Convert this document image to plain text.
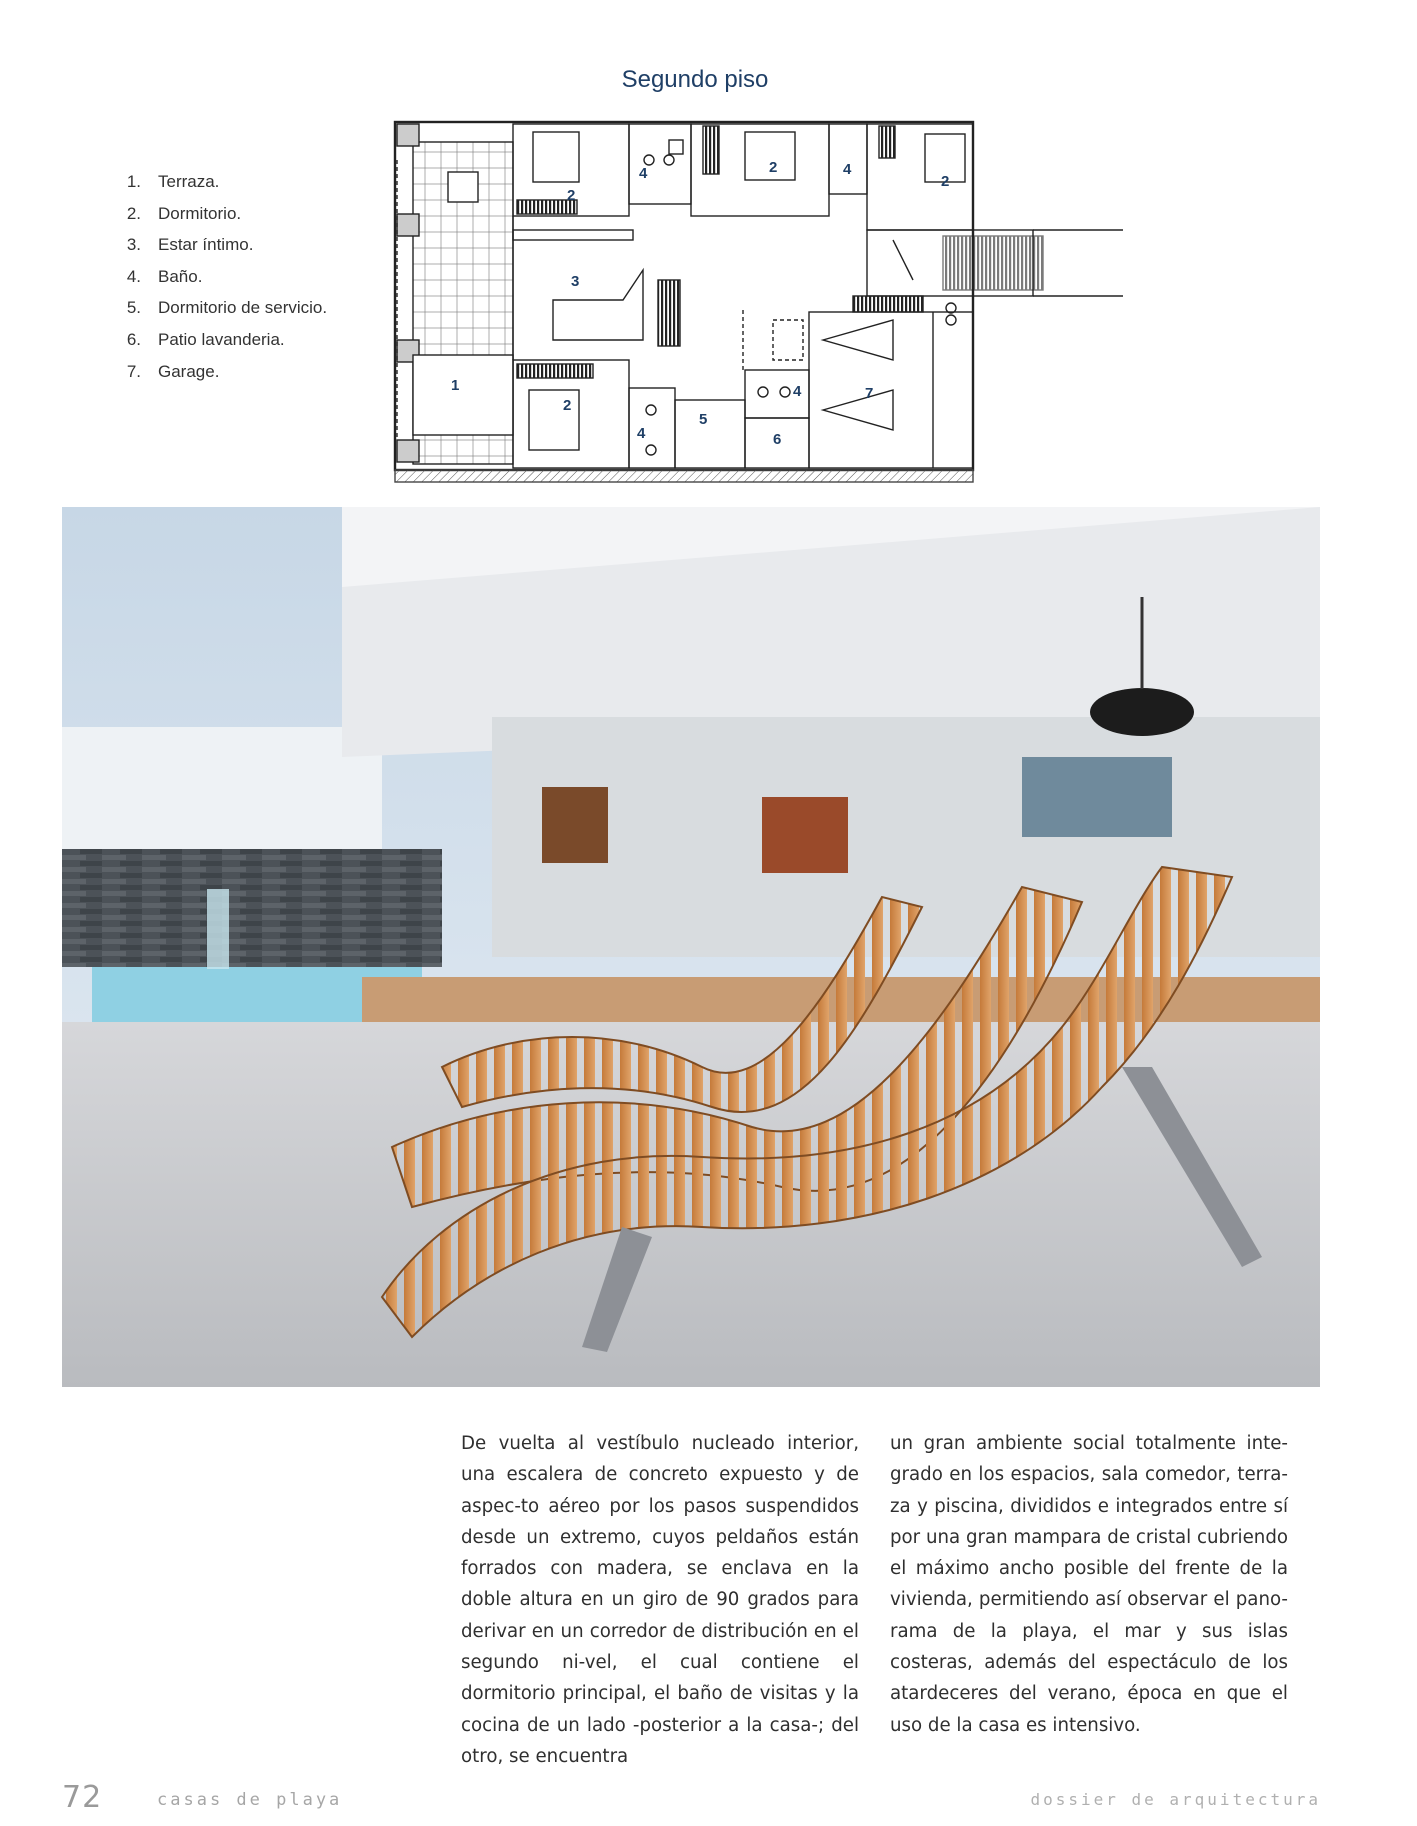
Segundo piso
1.	Terraza.
2.	Dormitorio.
3.	Estar íntimo.
4.	Baño.
5.	Dormitorio de servicio.
6.	Patio lavanderia.
7.	Garage.
1
2
2
2
2
3
4	4
4
4
5
6
7

De vuelta al vestíbulo nucleado interior, una escalera de concreto expuesto y de aspec-to aéreo por los pasos suspendidos desde un extremo, cuyos peldaños están forrados con madera, se enclava en la doble altura en un giro de 90 grados para derivar en un corredor de distribución en el segundo ni-vel, el cual contiene el dormitorio principal, el baño de visitas y la cocina de un lado -posterior a la casa-; del otro, se encuentra

un gran ambiente social totalmente inte-grado en los espacios, sala comedor, terra-za y piscina, divididos e integrados entre sí por una gran mampara de cristal cubriendo el máximo ancho posible del frente de la vivienda, permitiendo así observar el pano-rama de la playa, el mar y sus islas costeras, además del espectáculo de los atardeceres del verano, época en que el uso de la casa es intensivo.

72	casas de playa	dossier de arquitectura
